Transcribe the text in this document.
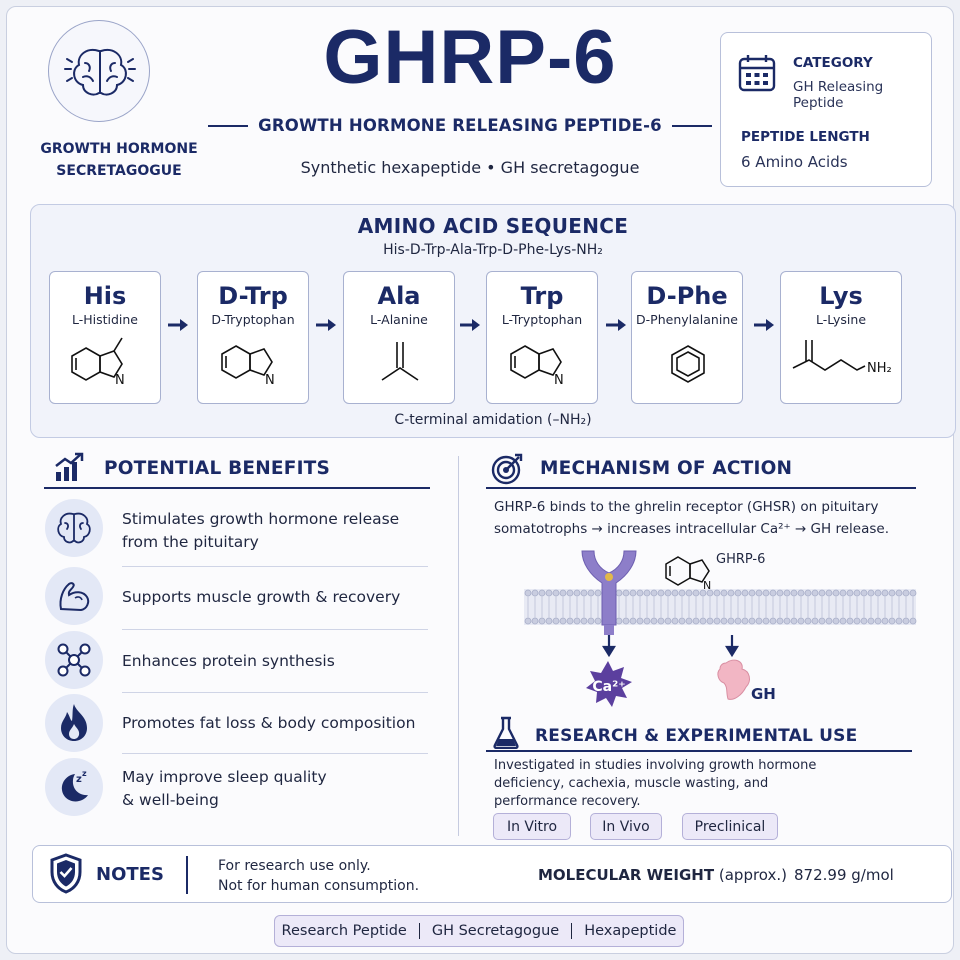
GROWTH HORMONE
SECRETAGOGUE
GHRP-6
GROWTH HORMONE RELEASING PEPTIDE-6
Synthetic hexapeptide • GH secretagogue
CATEGORY
GH Releasing Peptide
PEPTIDE LENGTH
6 Amino Acids
AMINO ACID SEQUENCE
His-D-Trp-Ala-Trp-D-Phe-Lys-NH₂
His
L-Histidine
N
D-Trp
D-Tryptophan
N
Ala
L-Alanine
Trp
L-Tryptophan
N
D-Phe
D-Phenylalanine
Lys
L-Lysine
NH₂
C-terminal amidation (–NH₂)
POTENTIAL BENEFITS
Stimulates growth hormone release
from the pituitary
Supports muscle growth & recovery
Enhances protein synthesis
Promotes fat loss & body composition
z
z May improve sleep quality
& well-being
MECHANISM OF ACTION
GHRP-6 binds to the ghrelin receptor (GHSR) on pituitary
somatotrophs → increases intracellular Ca²⁺ → GH release.
N
GHRP-6
Ca²⁺	GH
RESEARCH & EXPERIMENTAL USE
Investigated in studies involving growth hormone
deficiency, cachexia, muscle wasting, and
performance recovery.
In Vitro	In Vivo	Preclinical
NOTES	For research use only.
Not for human consumption.
MOLECULAR WEIGHT (approx.) 872.99 g/mol
Research Peptide GH Secretagogue Hexapeptide
